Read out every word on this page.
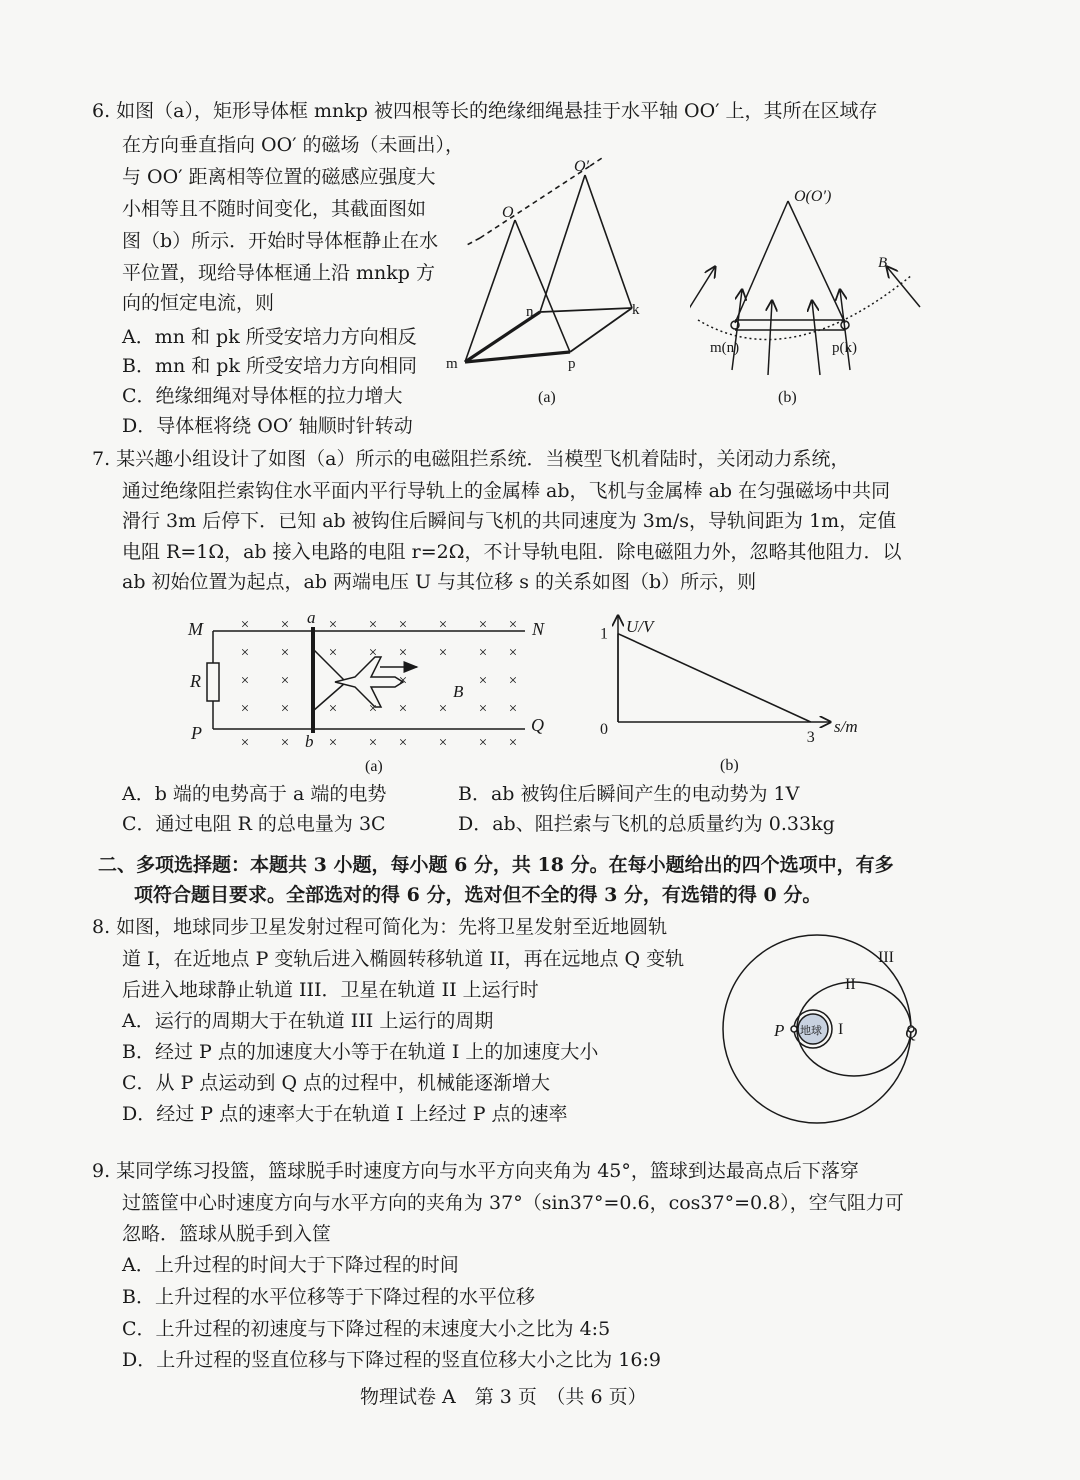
6. 如图（a），矩形导体框 mnkp 被四根等长的绝缘细绳悬挂于水平轴 OO′ 上，其所在区域存
在方向垂直指向 OO′ 的磁场（未画出），
与 OO′ 距离相等位置的磁感应强度大
小相等且不随时间变化，其截面图如
图（b）所示．开始时导体框静止在水
平位置，现给导体框通上沿 mnkp 方
向的恒定电流，则
A．mn 和 pk 所受安培力方向相反
B．mn 和 pk 所受安培力方向相同
C．绝缘细绳对导体框的拉力增大
D．导体框将绕 OO′ 轴顺时针转动
O
O′
n	k
m	p
(a)
O(O′)
B
m(n)	p(k)
(b)
7. 某兴趣小组设计了如图（a）所示的电磁阻拦系统．当模型飞机着陆时，关闭动力系统，
通过绝缘阻拦索钩住水平面内平行导轨上的金属棒 ab，飞机与金属棒 ab 在匀强磁场中共同
滑行 3m 后停下．已知 ab 被钩住后瞬间与飞机的共同速度为 3m/s，导轨间距为 1m，定值
电阻 R=1Ω，ab 接入电路的电阻 r=2Ω，不计导轨电阻．除电磁阻力外，忽略其他阻力．以
ab 初始位置为起点，ab 两端电压 U 与其位移 s 的关系如图（b）所示，则
× ×	× × × × × ×
× ×	× × × × × ×
× ×	×	× ×
× ×	× × × × × ×
× ×	× × × × × ×
M	N
R
P	Q
a
b
B
(a)
U/V
s/m
1
0	3
(b)
A．b 端的电势高于 a 端的电势	B．ab 被钩住后瞬间产生的电动势为 1V
C．通过电阻 R 的总电量为 3C	D．ab、阻拦索与飞机的总质量约为 0.33kg
二、多项选择题：本题共 3 小题，每小题 6 分，共 18 分。在每小题给出的四个选项中，有多
项符合题目要求。全部选对的得 6 分，选对但不全的得 3 分，有选错的得 0 分。
8. 如图，地球同步卫星发射过程可简化为：先将卫星发射至近地圆轨
道 I，在近地点 P 变轨后进入椭圆转移轨道 II，再在远地点 Q 变轨
后进入地球静止轨道 III．卫星在轨道 II 上运行时
A．运行的周期大于在轨道 III 上运行的周期
B．经过 P 点的加速度大小等于在轨道 I 上的加速度大小
C．从 P 点运动到 Q 点的过程中，机械能逐渐增大
D．经过 P 点的速率大于在轨道 I 上经过 P 点的速率
地球
III
II
I
P	Q
9. 某同学练习投篮，篮球脱手时速度方向与水平方向夹角为 45°，篮球到达最高点后下落穿
过篮筐中心时速度方向与水平方向的夹角为 37°（sin37°=0.6，cos37°=0.8），空气阻力可
忽略．篮球从脱手到入筐
A．上升过程的时间大于下降过程的时间
B．上升过程的水平位移等于下降过程的水平位移
C．上升过程的初速度与下降过程的末速度大小之比为 4:5
D．上升过程的竖直位移与下降过程的竖直位移大小之比为 16:9
物理试卷 A　第 3 页　（共 6 页）
